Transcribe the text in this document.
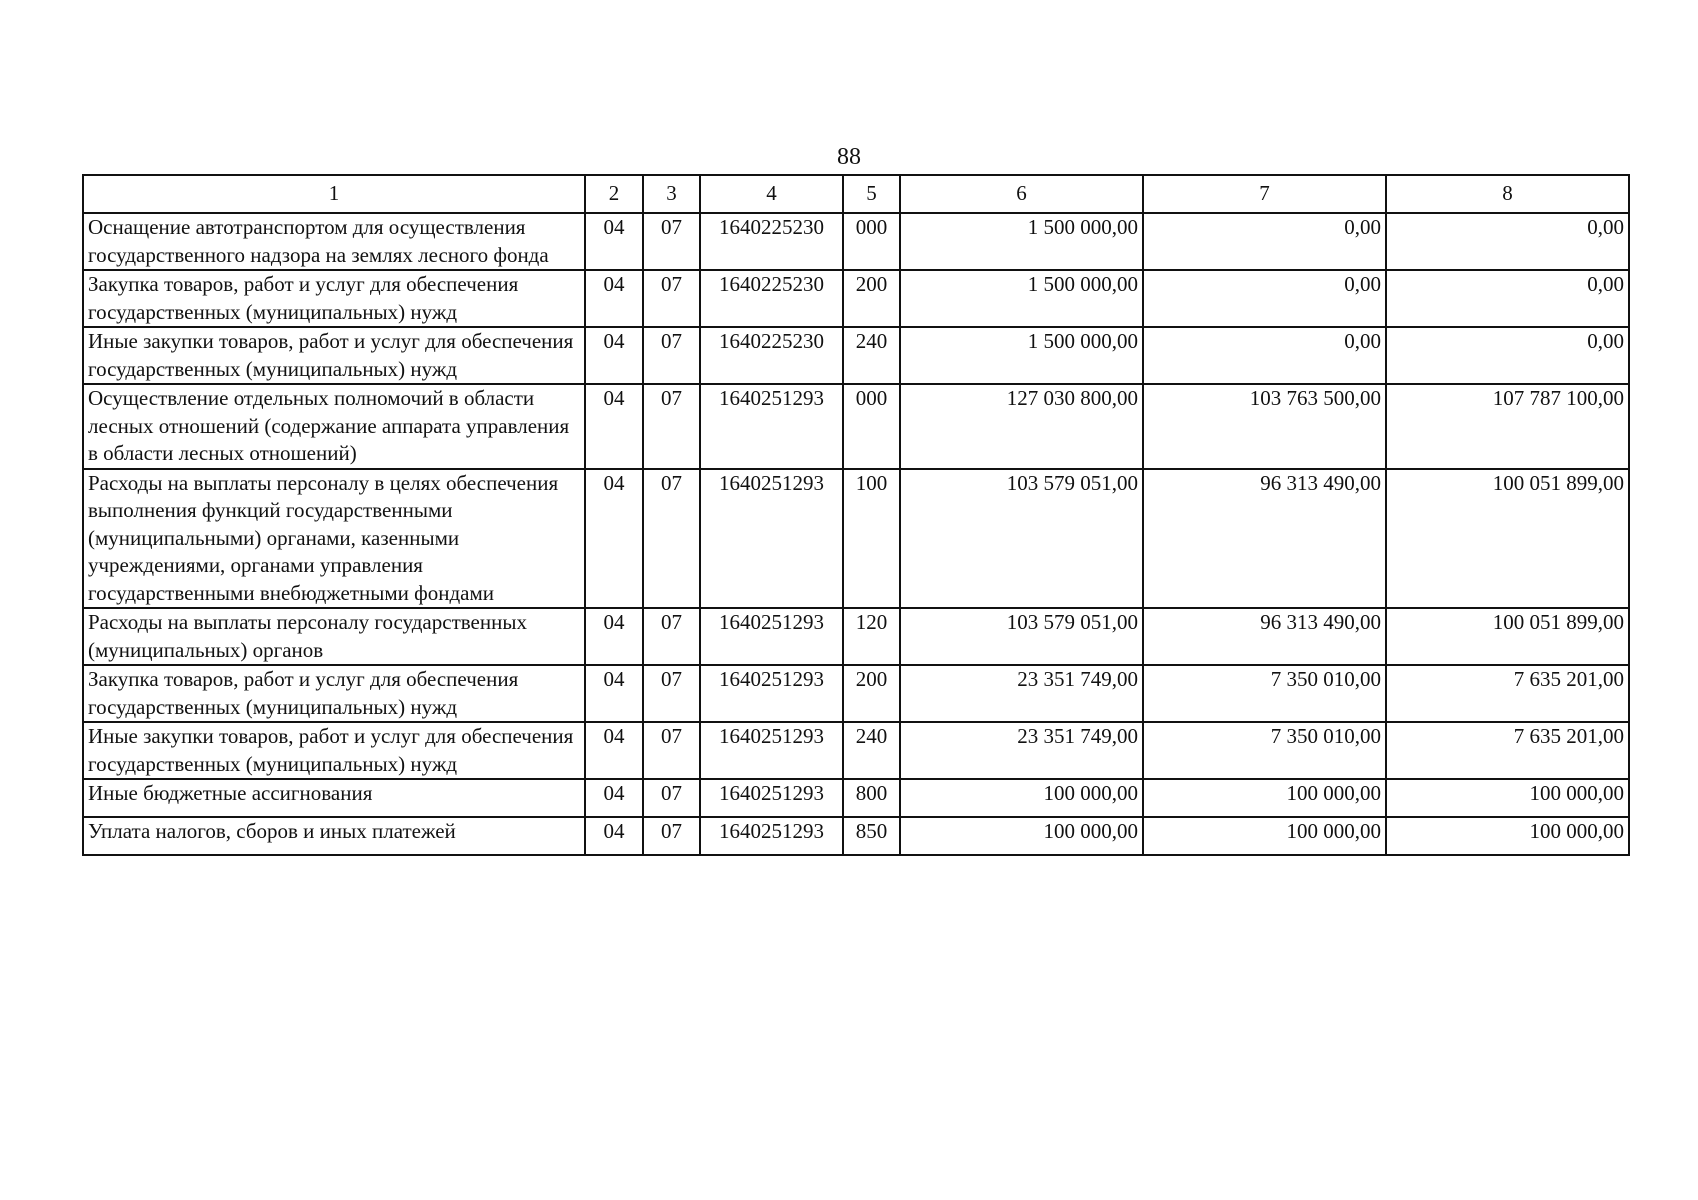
88
1	2	3	4	5	6	7	8
Оснащение автотранспортом для осуществления государственного надзора на землях лесного фонда	04	07	1640225230	000	1 500 000,00	0,00	0,00
Закупка товаров, работ и услуг для обеспечения государственных (муниципальных) нужд	04	07	1640225230	200	1 500 000,00	0,00	0,00
Иные закупки товаров, работ и услуг для обеспечения государственных (муниципальных) нужд	04	07	1640225230	240	1 500 000,00	0,00	0,00
Осуществление отдельных полномочий в области лесных отношений (содержание аппарата управления в области лесных отношений)	04	07	1640251293	000	127 030 800,00	103 763 500,00	107 787 100,00
Расходы на выплаты персоналу в целях обеспечения выполнения функций государственными (муниципальными) органами, казенными учреждениями, органами управления государственными внебюджетными фондами	04	07	1640251293	100	103 579 051,00	96 313 490,00	100 051 899,00
Расходы на выплаты персоналу государственных (муниципальных) органов	04	07	1640251293	120	103 579 051,00	96 313 490,00	100 051 899,00
Закупка товаров, работ и услуг для обеспечения государственных (муниципальных) нужд	04	07	1640251293	200	23 351 749,00	7 350 010,00	7 635 201,00
Иные закупки товаров, работ и услуг для обеспечения государственных (муниципальных) нужд	04	07	1640251293	240	23 351 749,00	7 350 010,00	7 635 201,00
Иные бюджетные ассигнования	04	07	1640251293	800	100 000,00	100 000,00	100 000,00
Уплата налогов, сборов и иных платежей	04	07	1640251293	850	100 000,00	100 000,00	100 000,00
